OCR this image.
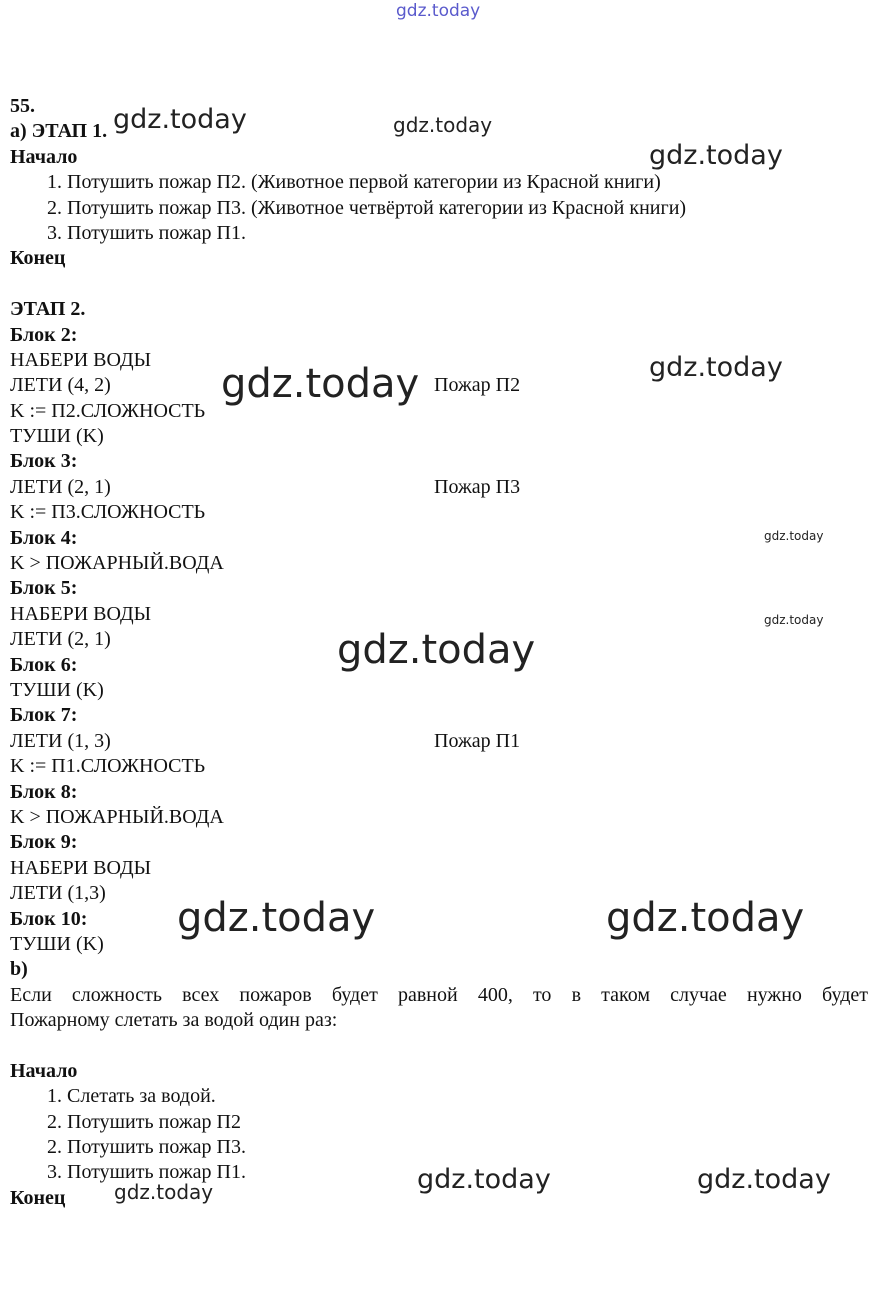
gdz.today
55.
а) ЭТАП 1.
Начало
1. Потушить пожар П2. (Животное первой категории из Красной книги)
2. Потушить пожар П3. (Животное четвёртой категории из Красной книги)
3. Потушить пожар П1.
Конец
ЭТАП 2.
Блок 2:
НАБЕРИ ВОДЫ
ЛЕТИ (4, 2)	Пожар П2
K := П2.СЛОЖНОСТЬ
ТУШИ (K)
Блок 3:
ЛЕТИ (2, 1)	Пожар П3
K := П3.СЛОЖНОСТЬ
Блок 4:
K > ПОЖАРНЫЙ.ВОДА
Блок 5:
НАБЕРИ ВОДЫ
ЛЕТИ (2, 1)
Блок 6:
ТУШИ (K)
Блок 7:
ЛЕТИ (1, 3)	Пожар П1
K := П1.СЛОЖНОСТЬ
Блок 8:
K > ПОЖАРНЫЙ.ВОДА
Блок 9:
НАБЕРИ ВОДЫ
ЛЕТИ (1,3)
Блок 10:
ТУШИ (K)
b)
Если сложность всех пожаров будет равной 400, то в таком случае нужно будет
Пожарному слетать за водой один раз:
Начало
1. Слетать за водой.
2. Потушить пожар П2
2. Потушить пожар П3.
3. Потушить пожар П1.
Конец
gdz.today	gdz.today
gdz.today
gdz.today	gdz.today
gdz.today
gdz.today
gdz.today
gdz.today	gdz.today
gdz.today	gdz.today
gdz.today
